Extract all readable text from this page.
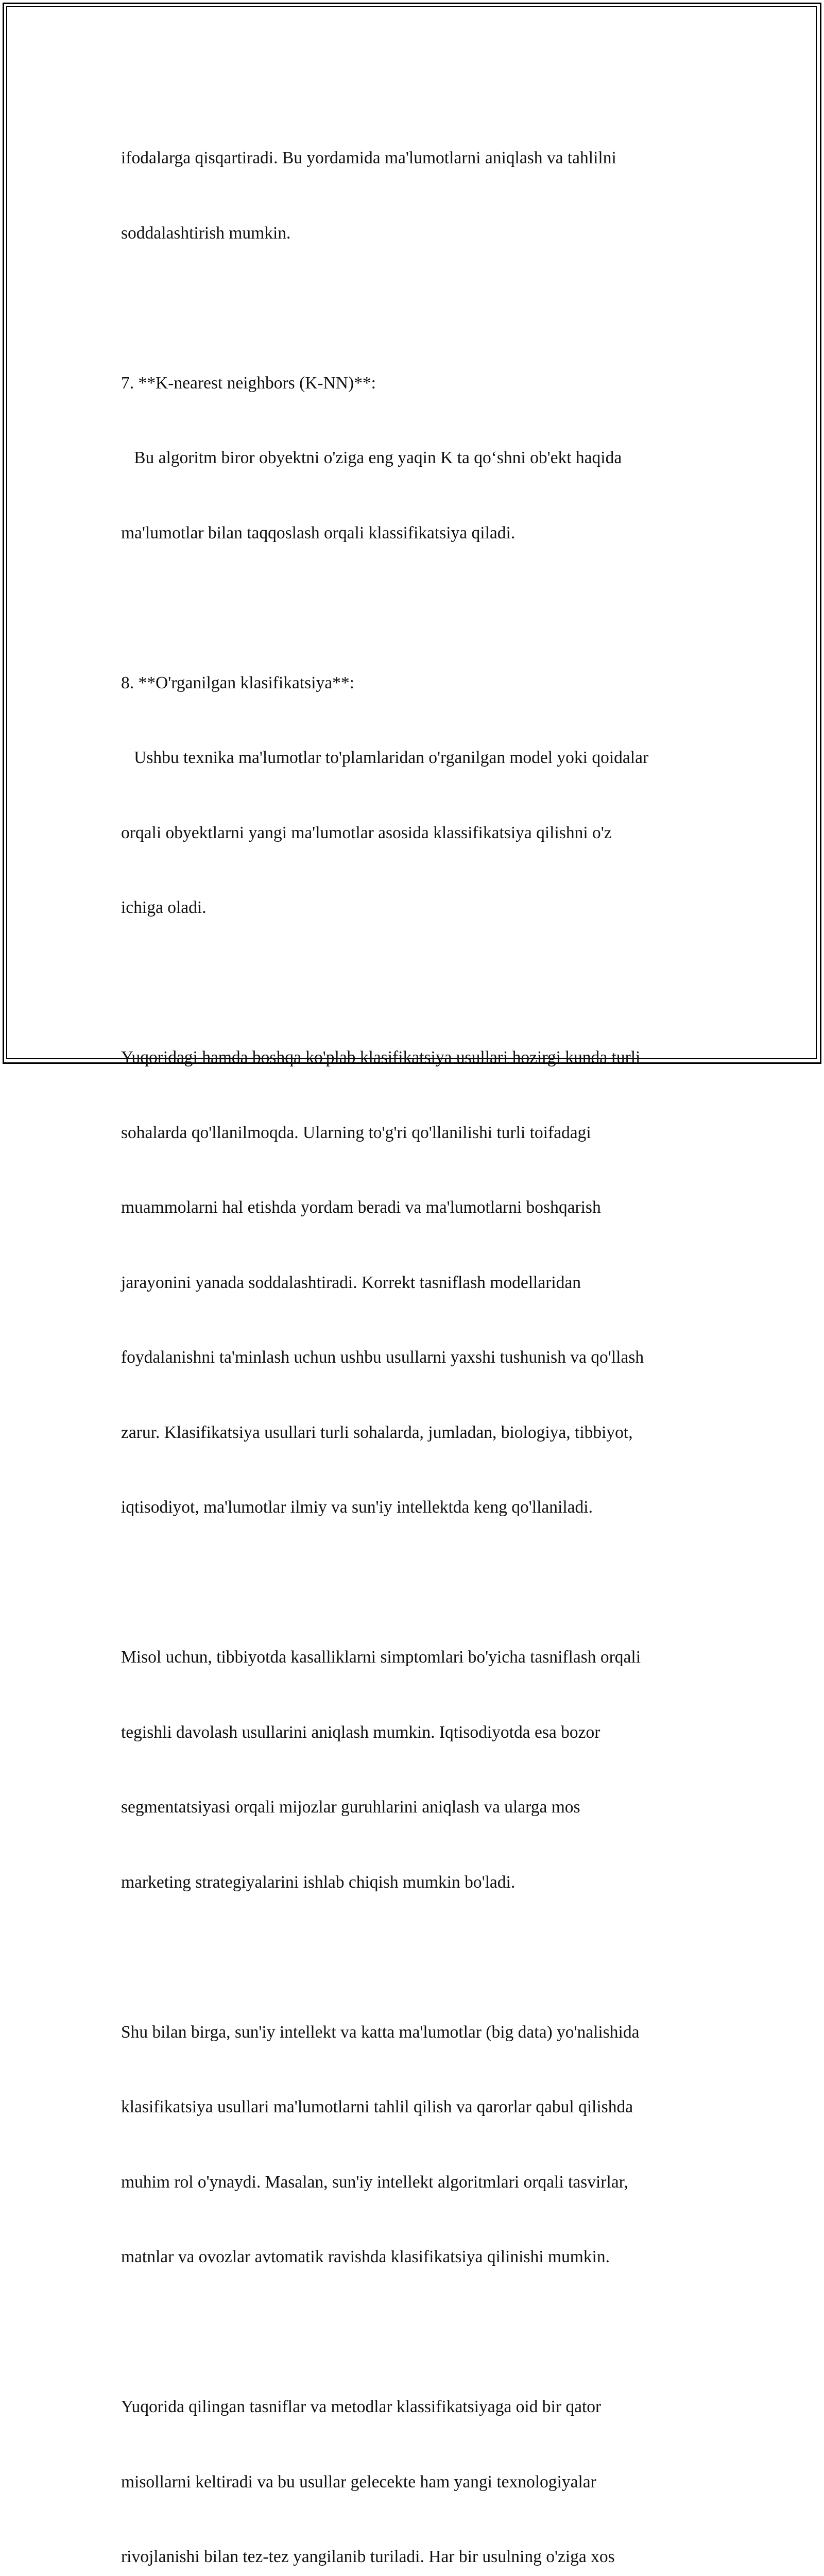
ifodalarga qisqartiradi. Bu yordamida ma'lumotlarni aniqlash va tahlilni

soddalashtirish mumkin.

7. **K-nearest neighbors (K-NN)**:

Bu algoritm biror obyektni o'ziga eng yaqin K ta qo‘shni ob'ekt haqida

ma'lumotlar bilan taqqoslash orqali klassifikatsiya qiladi.

8. **O'rganilgan klasifikatsiya**:

Ushbu texnika ma'lumotlar to'plamlaridan o'rganilgan model yoki qoidalar

orqali obyektlarni yangi ma'lumotlar asosida klassifikatsiya qilishni o'z

ichiga oladi.

Yuqoridagi hamda boshqa ko'plab klasifikatsiya usullari hozirgi kunda turli

sohalarda qo'llanilmoqda. Ularning to'g'ri qo'llanilishi turli toifadagi

muammolarni hal etishda yordam beradi va ma'lumotlarni boshqarish

jarayonini yanada soddalashtiradi. Korrekt tasniflash modellaridan

foydalanishni ta'minlash uchun ushbu usullarni yaxshi tushunish va qo'llash

zarur. Klasifikatsiya usullari turli sohalarda, jumladan, biologiya, tibbiyot,

iqtisodiyot, ma'lumotlar ilmiy va sun'iy intellektda keng qo'llaniladi.

Misol uchun, tibbiyotda kasalliklarni simptomlari bo'yicha tasniflash orqali

tegishli davolash usullarini aniqlash mumkin. Iqtisodiyotda esa bozor

segmentatsiyasi orqali mijozlar guruhlarini aniqlash va ularga mos

marketing strategiyalarini ishlab chiqish mumkin bo'ladi.

Shu bilan birga, sun'iy intellekt va katta ma'lumotlar (big data) yo'nalishida

klasifikatsiya usullari ma'lumotlarni tahlil qilish va qarorlar qabul qilishda

muhim rol o'ynaydi. Masalan, sun'iy intellekt algoritmlari orqali tasvirlar,

matnlar va ovozlar avtomatik ravishda klasifikatsiya qilinishi mumkin.

Yuqorida qilingan tasniflar va metodlar klassifikatsiyaga oid bir qator

misollarni keltiradi va bu usullar gelecekte ham yangi texnologiyalar

rivojlanishi bilan tez-tez yangilanib turiladi. Har bir usulning o'ziga xos
